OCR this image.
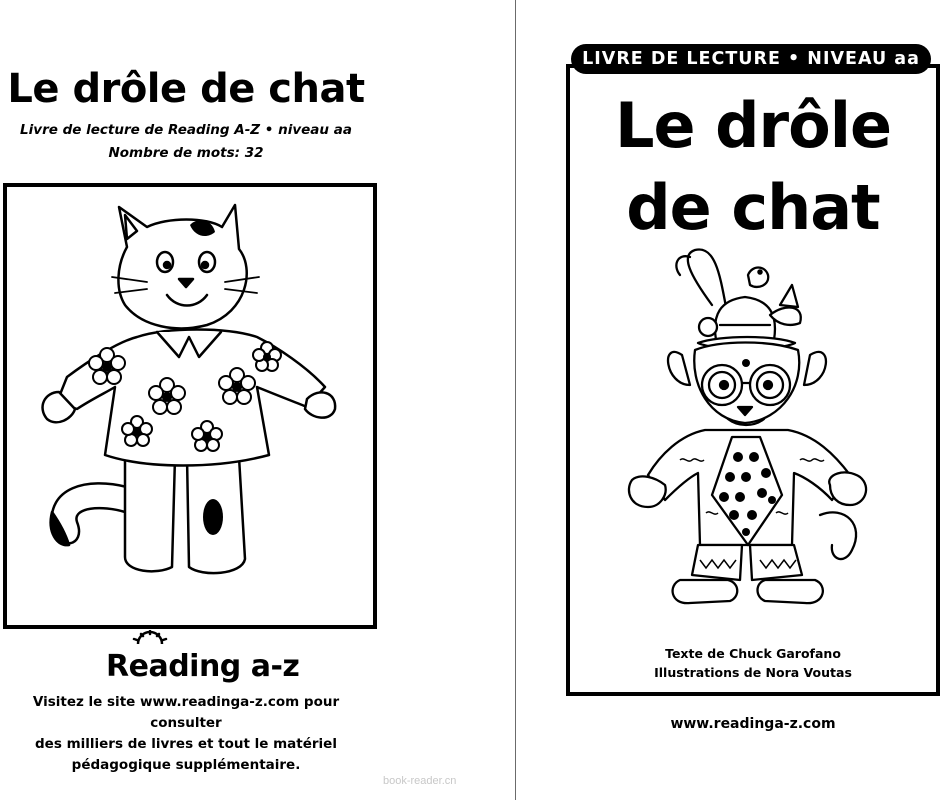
Le drôle de chat
Livre de lecture de Reading A-Z • niveau aa
Nombre de mots: 32
Reading a-z
Visitez le site www.readinga-z.com pour consulter
des milliers de livres et tout le matériel
pédagogique supplémentaire.
book-reader.cn
LIVRE DE LECTURE • NIVEAU aa
Le drôle
de chat
Texte de Chuck Garofano
Illustrations de Nora Voutas
www.readinga-z.com
